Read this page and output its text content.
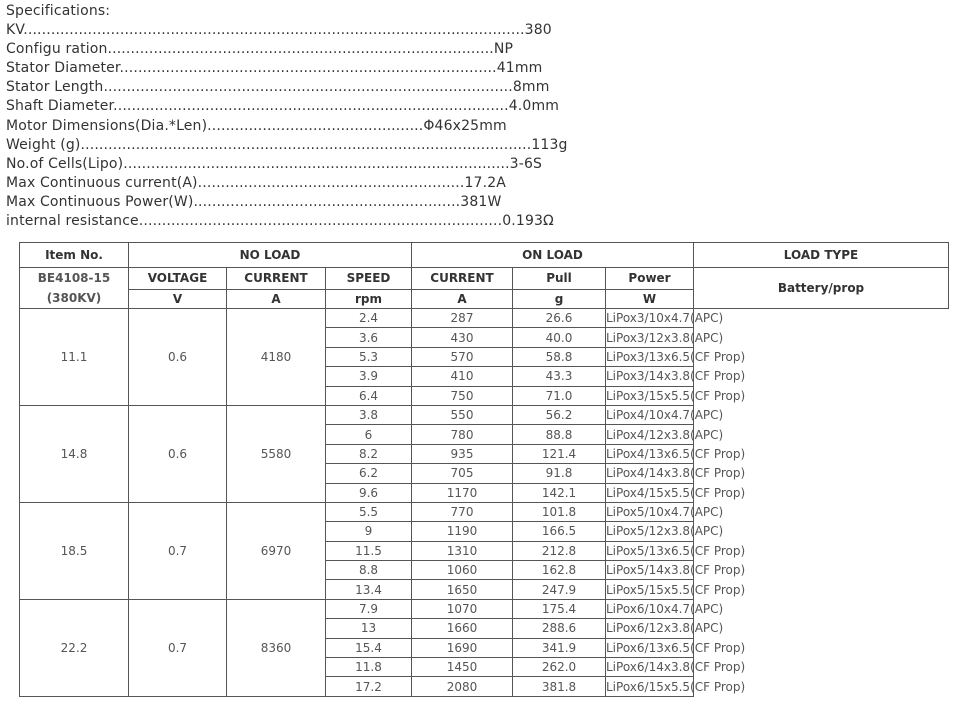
Specifications:
KV.............................................................................................................380
Configu ration....................................................................................NP
Stator Diameter..................................................................................41mm
Stator Length.........................................................................................8mm
Shaft Diameter......................................................................................4.0mm
Motor Dimensions(Dia.*Len)...............................................Φ46x25mm
Weight (g)..................................................................................................113g
No.of Cells(Lipo)....................................................................................3-6S
Max Continuous current(A)..........................................................17.2A
Max Continuous Power(W)..........................................................381W
internal resistance...............................................................................0.193Ω
Item No.	NO LOAD			ON LOAD			LOAD TYPE

BE4108-15
(380KV)	VOLTAGE	CURRENT	SPEED	CURRENT	Pull	Power	Battery/prop
	V	A	rpm	A	g	W	
11.1	0.6	4180	2.4	287	26.6	LiPox3/10x4.7(APC)	
			3.6	430	40.0	LiPox3/12x3.8(APC)	
			5.3	570	58.8	LiPox3/13x6.5(CF Prop)	
			3.9	410	43.3	LiPox3/14x3.8(CF Prop)	
			6.4	750	71.0	LiPox3/15x5.5(CF Prop)	
14.8	0.6	5580	3.8	550	56.2	LiPox4/10x4.7(APC)	
			6	780	88.8	LiPox4/12x3.8(APC)	
			8.2	935	121.4	LiPox4/13x6.5(CF Prop)	
			6.2	705	91.8	LiPox4/14x3.8(CF Prop)	
			9.6	1170	142.1	LiPox4/15x5.5(CF Prop)	
18.5	0.7	6970	5.5	770	101.8	LiPox5/10x4.7(APC)	
			9	1190	166.5	LiPox5/12x3.8(APC)	
			11.5	1310	212.8	LiPox5/13x6.5(CF Prop)	
			8.8	1060	162.8	LiPox5/14x3.8(CF Prop)	
			13.4	1650	247.9	LiPox5/15x5.5(CF Prop)	
22.2	0.7	8360	7.9	1070	175.4	LiPox6/10x4.7(APC)	
			13	1660	288.6	LiPox6/12x3.8(APC)	
			15.4	1690	341.9	LiPox6/13x6.5(CF Prop)	
			11.8	1450	262.0	LiPox6/14x3.8(CF Prop)	
			17.2	2080	381.8	LiPox6/15x5.5(CF Prop)	
